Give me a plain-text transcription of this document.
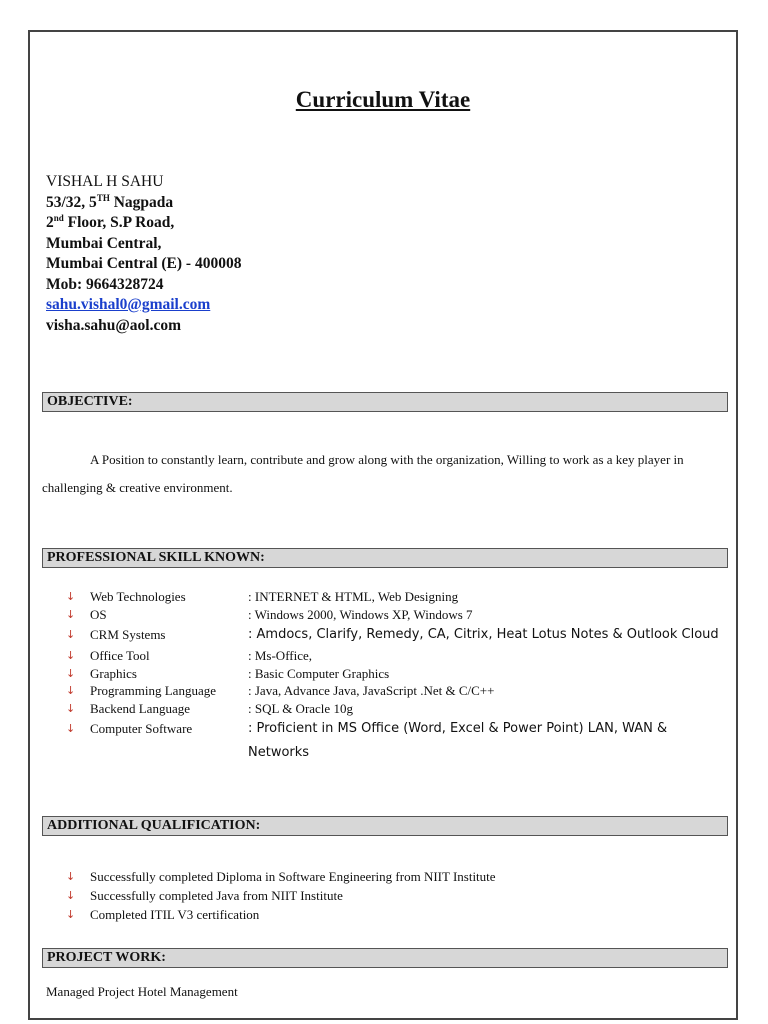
Curriculum Vitae
VISHAL H SAHU
53/32, 5TH Nagpada
2nd Floor, S.P Road,
Mumbai Central,
Mumbai Central (E) - 400008
Mob: 9664328724
sahu.vishal0@gmail.com
visha.sahu@aol.com
OBJECTIVE:
A Position to constantly learn, contribute and grow along with the organization, Willing to work as a key player in challenging & creative environment.
PROFESSIONAL SKILL KNOWN:
↓	Web Technologies	: INTERNET & HTML, Web Designing
↓	OS	: Windows 2000, Windows XP, Windows 7
↓	CRM Systems	: Amdocs, Clarify, Remedy, CA, Citrix, Heat Lotus Notes & Outlook Cloud
↓	Office Tool	: Ms-Office,
↓	Graphics	: Basic Computer Graphics
↓	Programming Language	: Java, Advance Java, JavaScript .Net & C/C++
↓	Backend Language	: SQL & Oracle 10g
↓	Computer Software	: Proficient in MS Office (Word, Excel & Power Point) LAN, WAN & Networks
ADDITIONAL QUALIFICATION:
↓	Successfully completed Diploma in Software Engineering from NIIT Institute
↓	Successfully completed Java from NIIT Institute
↓	Completed ITIL V3 certification
PROJECT WORK:
Managed Project Hotel Management
